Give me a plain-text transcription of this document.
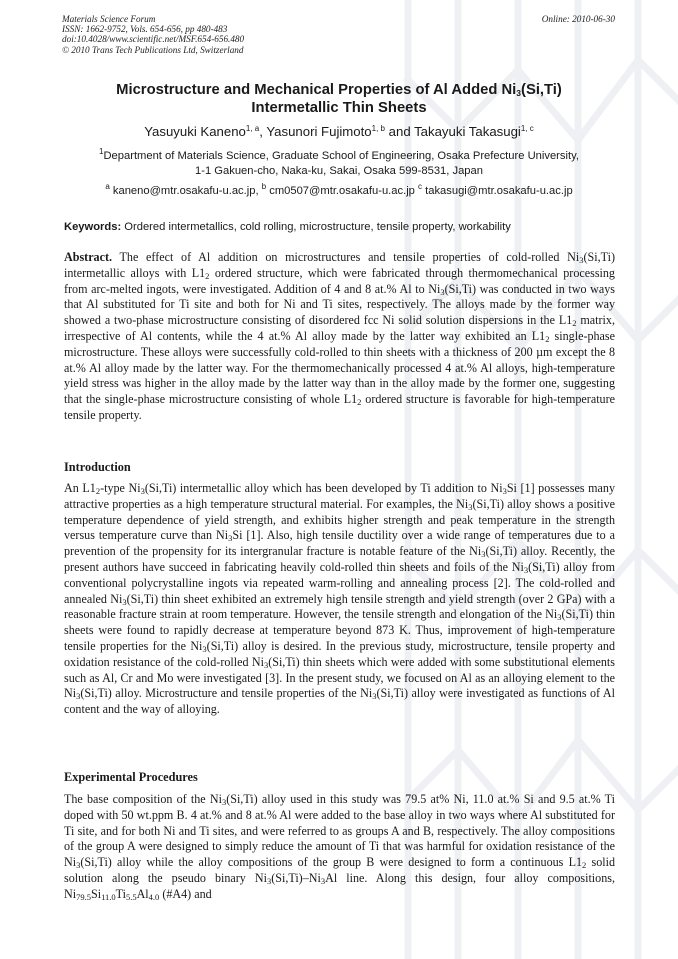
Materials Science Forum
ISSN: 1662-9752, Vols. 654-656, pp 480-483
doi:10.4028/www.scientific.net/MSF.654-656.480
© 2010 Trans Tech Publications Ltd, Switzerland
Online: 2010-06-30
Microstructure and Mechanical Properties of Al Added $Ni_3(Si,Ti)$
Intermetallic Thin Sheets
Yasuyuki Kaneno$^{1, a}$, Yasunori Fujimoto$^{1, b}$ and Takayuki Takasugi$^{1, c}$
$^1$Department of Materials Science, Graduate School of Engineering, Osaka Prefecture University,
1-1 Gakuen-cho, Naka-ku, Sakai, Osaka 599-8531, Japan
$^a$ kaneno@mtr.osakafu-u.ac.jp, $^b$ cm0507@mtr.osakafu-u.ac.jp $^c$ takasugi@mtr.osakafu-u.ac.jp
Keywords: Ordered intermetallics, cold rolling, microstructure, tensile property, workability
Abstract. The effect of Al addition on microstructures and tensile properties of cold-rolled $Ni_3(Si,Ti)$ intermetallic alloys with $L1_2$ ordered structure, which were fabricated through thermomechanical processing from arc-melted ingots, were investigated. Addition of 4 and 8 at.% Al to $Ni_3(Si,Ti)$ was conducted in two ways that Al substituted for Ti site and both for Ni and Ti sites, respectively. The alloys made by the former way showed a two-phase microstructure consisting of disordered fcc Ni solid solution dispersions in the $L1_2$ matrix, irrespective of Al contents, while the 4 at.% Al alloy made by the latter way exhibited an $L1_2$ single-phase microstructure. These alloys were successfully cold-rolled to thin sheets with a thickness of 200 µm except the 8 at.% Al alloy made by the latter way. For the thermomechanically processed 4 at.% Al alloys, high-temperature yield stress was higher in the alloy made by the latter way than in the alloy made by the former one, suggesting that the single-phase microstructure consisting of whole $L1_2$ ordered structure is favorable for high-temperature tensile property.
Introduction
An $L1_2$-type $Ni_3(Si,Ti)$ intermetallic alloy which has been developed by Ti addition to $Ni_3Si$ [1] possesses many attractive properties as a high temperature structural material. For examples, the $Ni_3(Si,Ti)$ alloy shows a positive temperature dependence of yield strength, and exhibits higher strength and peak temperature in the strength versus temperature curve than $Ni_3Si$ [1]. Also, high tensile ductility over a wide range of temperatures due to a prevention of the propensity for its intergranular fracture is notable feature of the $Ni_3(Si,Ti)$ alloy. Recently, the present authors have succeed in fabricating heavily cold-rolled thin sheets and foils of the $Ni_3(Si,Ti)$ alloy from conventional polycrystalline ingots via repeated warm-rolling and annealing process [2]. The cold-rolled and annealed $Ni_3(Si,Ti)$ thin sheet exhibited an extremely high tensile strength and yield strength (over 2 GPa) with a reasonable fracture strain at room temperature. However, the tensile strength and elongation of the $Ni_3(Si,Ti)$ thin sheets were found to rapidly decrease at temperature beyond 873 K. Thus, improvement of high-temperature tensile properties for the $Ni_3(Si,Ti)$ alloy is desired. In the previous study, microstructure, tensile property and oxidation resistance of the cold-rolled $Ni_3(Si,Ti)$ thin sheets which were added with some substitutional elements such as Al, Cr and Mo were investigated [3]. In the present study, we focused on Al as an alloying element to the $Ni_3(Si,Ti)$ alloy. Microstructure and tensile properties of the $Ni_3(Si,Ti)$ alloy were investigated as functions of Al content and the way of alloying.
Experimental Procedures
The base composition of the $Ni_3(Si,Ti)$ alloy used in this study was 79.5 at% Ni, 11.0 at.% Si and 9.5 at.% Ti doped with 50 wt.ppm B. 4 at.% and 8 at.% Al were added to the base alloy in two ways where Al substituted for Ti site, and for both Ni and Ti sites, and were referred to as groups A and B, respectively. The alloy compositions of the group A were designed to simply reduce the amount of Ti that was harmful for oxidation resistance of the $Ni_3(Si,Ti)$ alloy while the alloy compositions of the group B were designed to form a continuous $L1_2$ solid solution along the pseudo binary $Ni_3(Si,Ti)-Ni_3Al$ line. Along this design, four alloy compositions, $Ni_{79.5}Si_{11.0}Ti_{5.5}Al_{4.0}$ (#A4) and
